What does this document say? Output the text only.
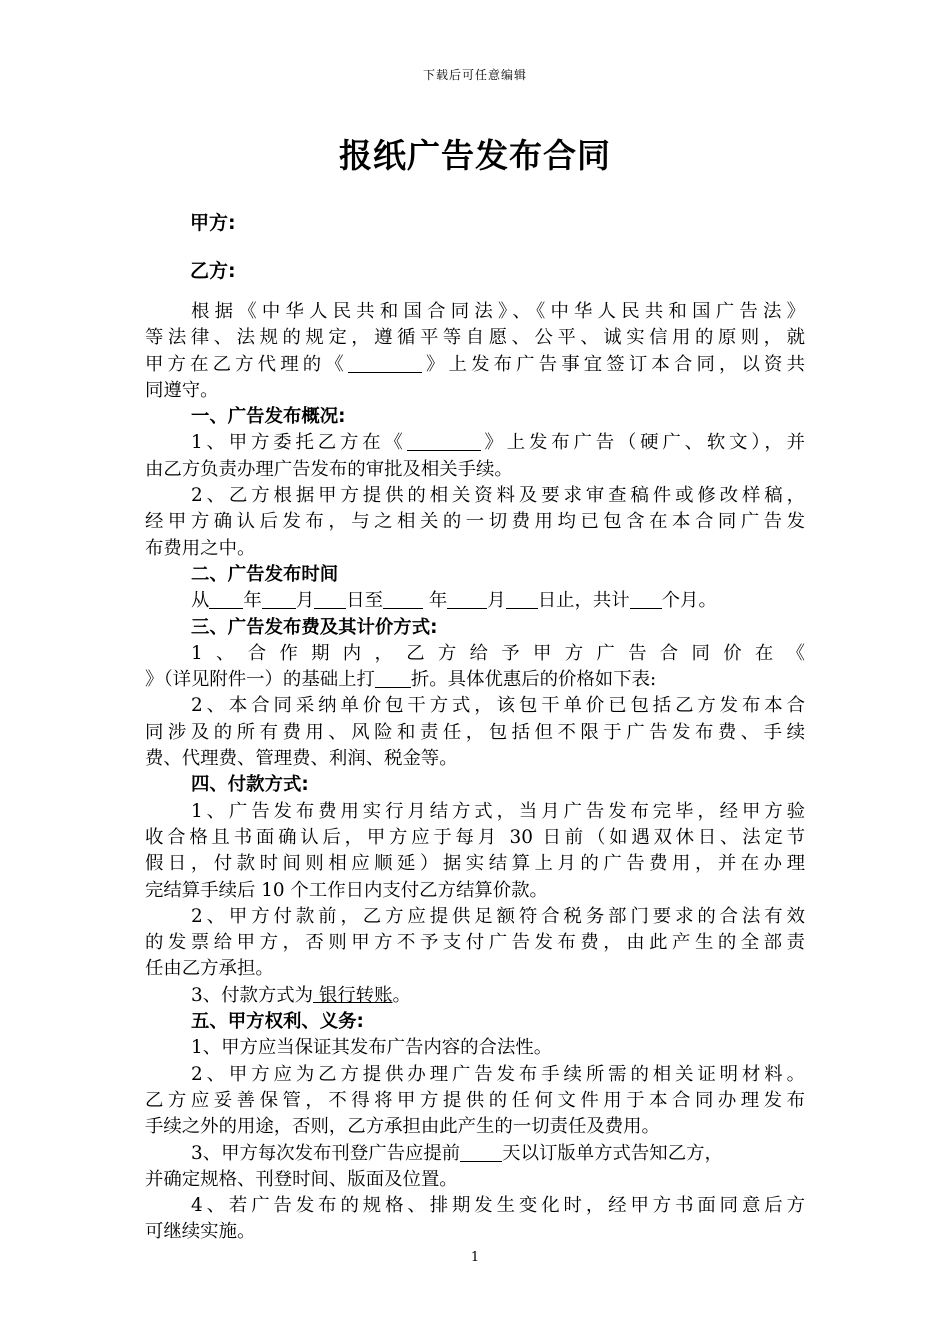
下载后可任意编辑
报纸广告发布合同
甲方:
乙方:
根据《中华人民共和国合同法》、《中华人民共和国广告法》
等法律、法规的规定，遵循平等自愿、公平、诚实信用的原则，就
甲方在乙方代理的《	》上发布广告事宜签订本合同，以资共
同遵守。
一、广告发布概况:
1、甲方委托乙方在《	》上发布广告（硬广、软文），并
由乙方负责办理广告发布的审批及相关手续。
2、乙方根据甲方提供的相关资料及要求审查稿件或修改样稿，
经甲方确认后发布，与之相关的一切费用均已包含在本合同广告发
布费用之中。
二、广告发布时间
从 年 月 日至 年 月 日止，共计 个月。
三、广告发布费及其计价方式:
1、合作期内，乙方给予甲方广告合同价在《
》（详见附件一）的基础上打 折。具体优惠后的价格如下表:
2、本合同采纳单价包干方式，该包干单价已包括乙方发布本合
同涉及的所有费用、风险和责任，包括但不限于广告发布费、手续
费、代理费、管理费、利润、税金等。
四、付款方式:
1、广告发布费用实行月结方式，当月广告发布完毕，经甲方验
收合格且书面确认后，甲方应于每月 30 日前（如遇双休日、法定节
假日，付款时间则相应顺延）据实结算上月的广告费用，并在办理
完结算手续后 10 个工作日内支付乙方结算价款。
2、甲方付款前，乙方应提供足额符合税务部门要求的合法有效
的发票给甲方，否则甲方不予支付广告发布费，由此产生的全部责
任由乙方承担。
3、付款方式为 银行转账。
五、甲方权利、义务:
1、甲方应当保证其发布广告内容的合法性。
2、甲方应为乙方提供办理广告发布手续所需的相关证明材料。
乙方应妥善保管，不得将甲方提供的任何文件用于本合同办理发布
手续之外的用途，否则，乙方承担由此产生的一切责任及费用。
3、甲方每次发布刊登广告应提前 天以订版单方式告知乙方，
并确定规格、刊登时间、版面及位置。
4、若广告发布的规格、排期发生变化时，经甲方书面同意后方
可继续实施。
1
